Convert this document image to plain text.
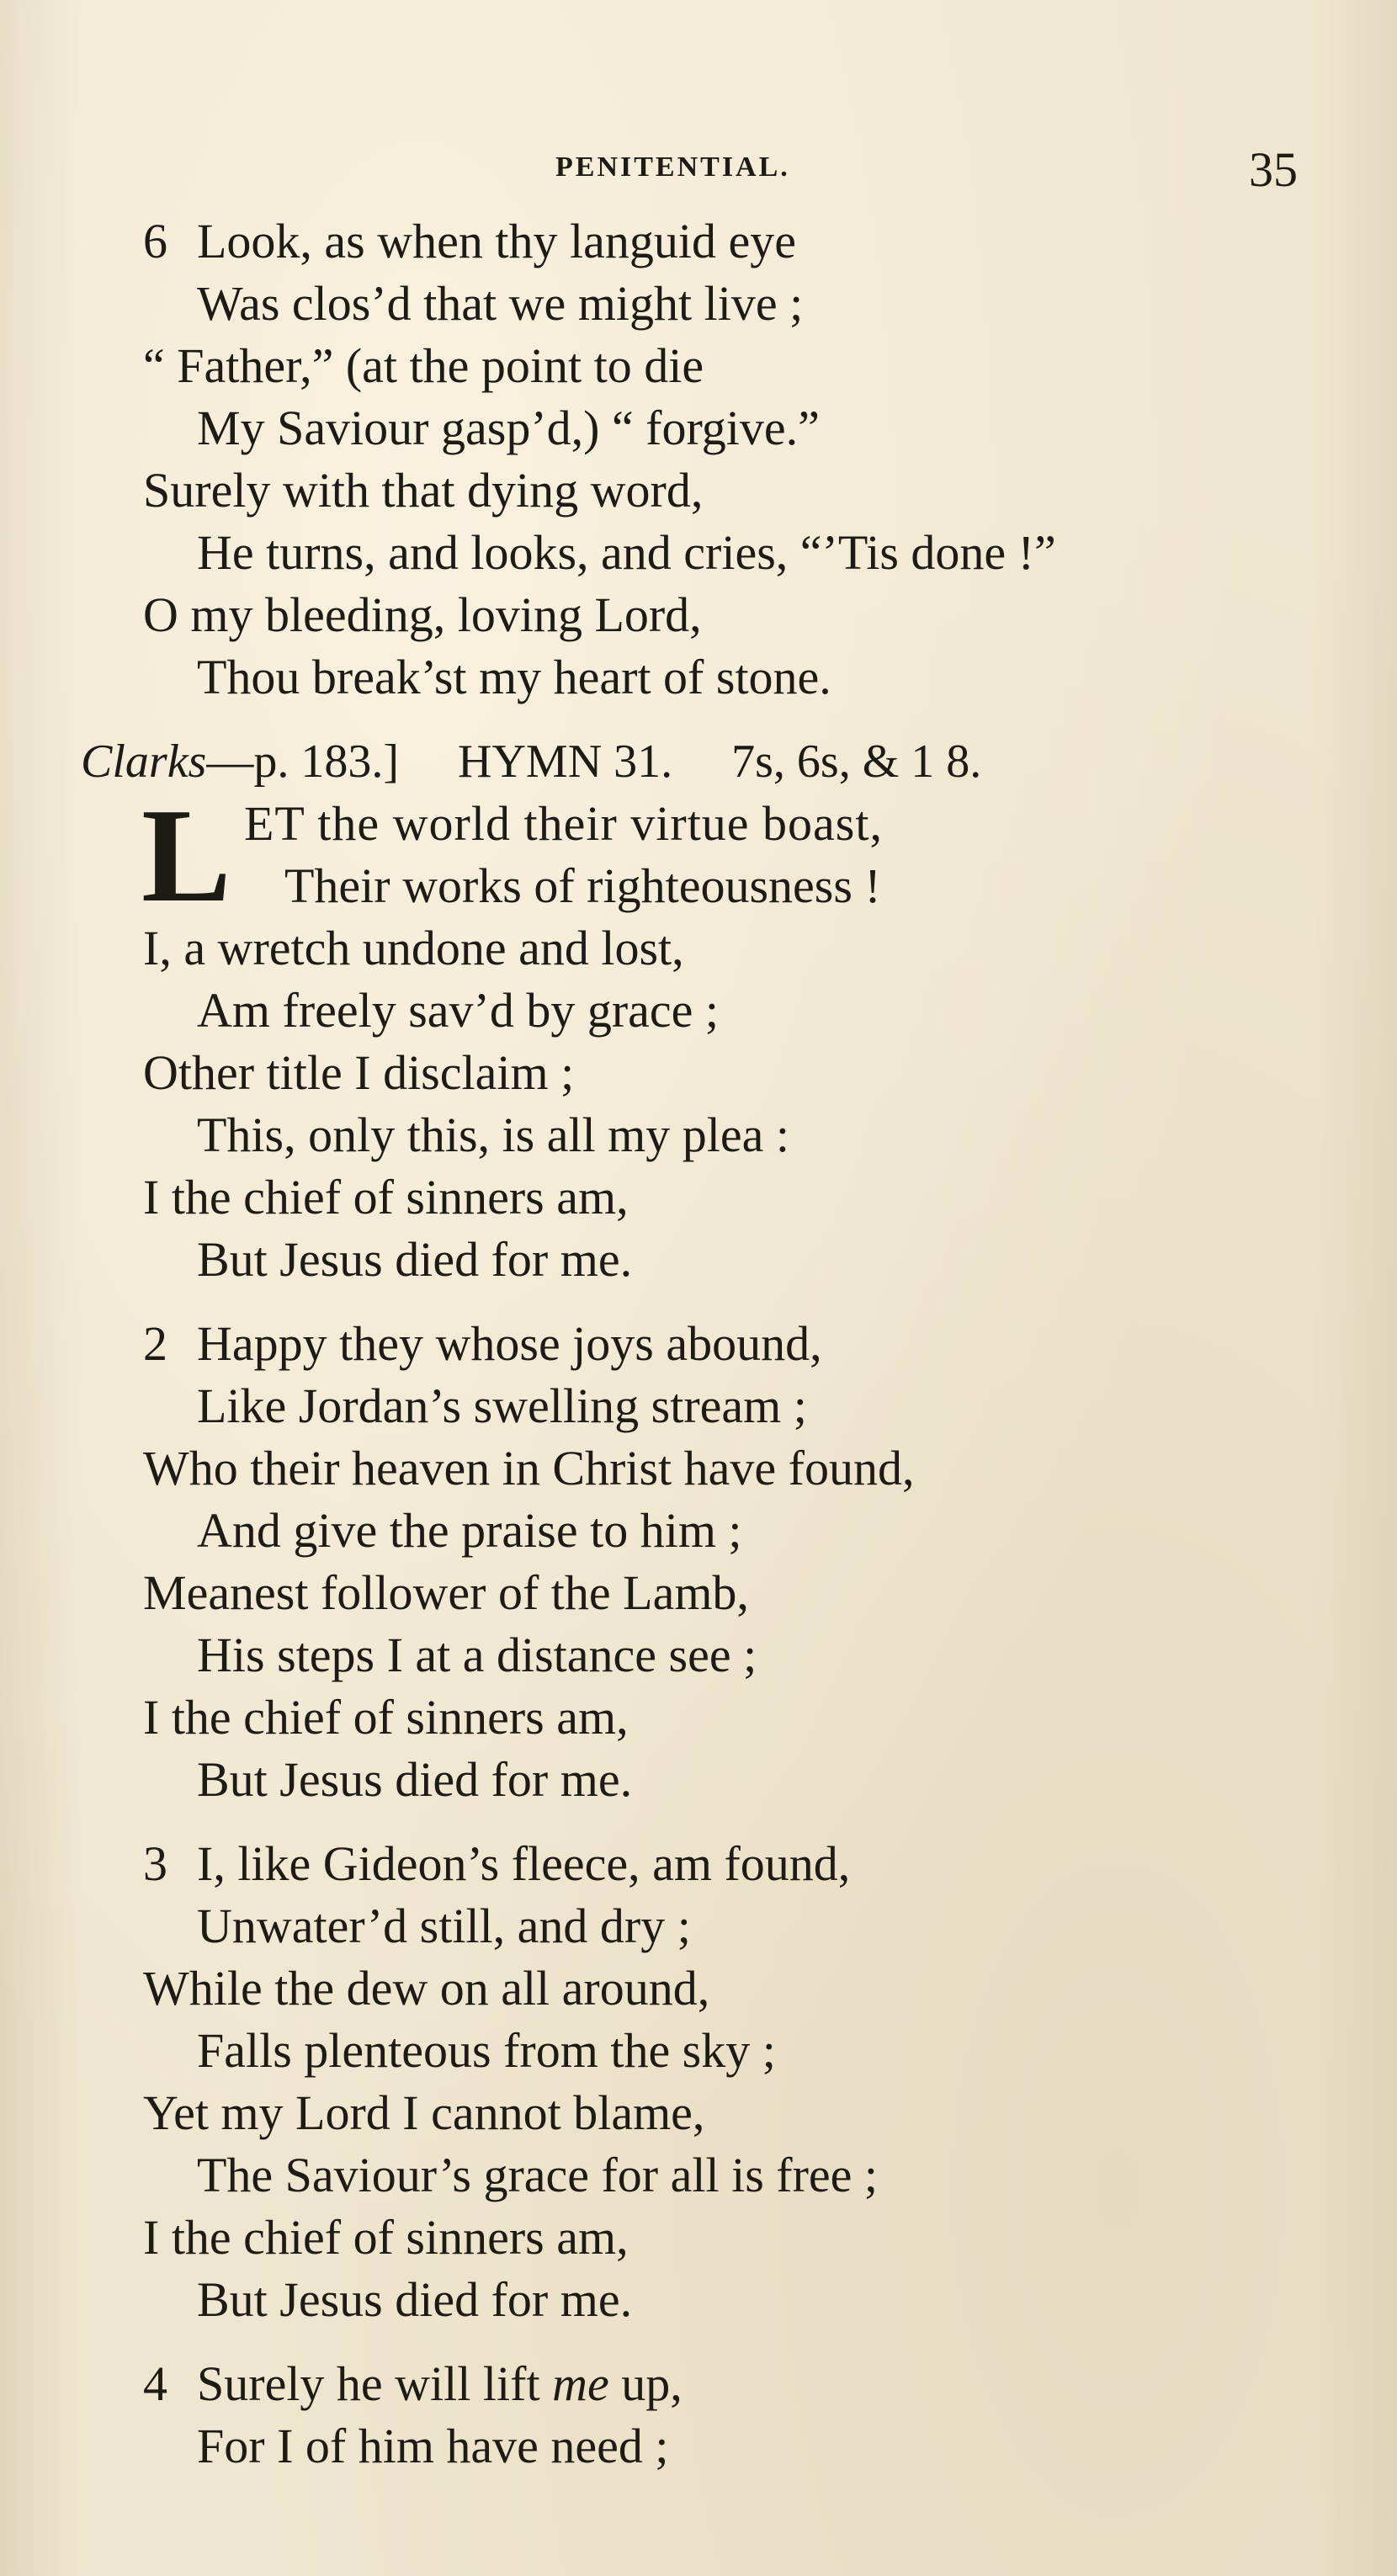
PENITENTIAL.	35
6 Look, as when thy languid eye
Was clos’d that we might live ;
“ Father,” (at the point to die
My Saviour gasp’d,) “ forgive.”
Surely with that dying word,
He turns, and looks, and cries, “’Tis done !”
O my bleeding, loving Lord,
Thou break’st my heart of stone.
Clarks—p. 183.] HYMN 31. 7s, 6s, & 1 8.
L ET the world their virtue boast,
Their works of righteousness !
I, a wretch undone and lost,
Am freely sav’d by grace ;
Other title I disclaim ;
This, only this, is all my plea :
I the chief of sinners am,
But Jesus died for me.
2 Happy they whose joys abound,
Like Jordan’s swelling stream ;
Who their heaven in Christ have found,
And give the praise to him ;
Meanest follower of the Lamb,
His steps I at a distance see ;
I the chief of sinners am,
But Jesus died for me.
3 I, like Gideon’s fleece, am found,
Unwater’d still, and dry ;
While the dew on all around,
Falls plenteous from the sky ;
Yet my Lord I cannot blame,
The Saviour’s grace for all is free ;
I the chief of sinners am,
But Jesus died for me.
4 Surely he will lift me up,
For I of him have need ;
